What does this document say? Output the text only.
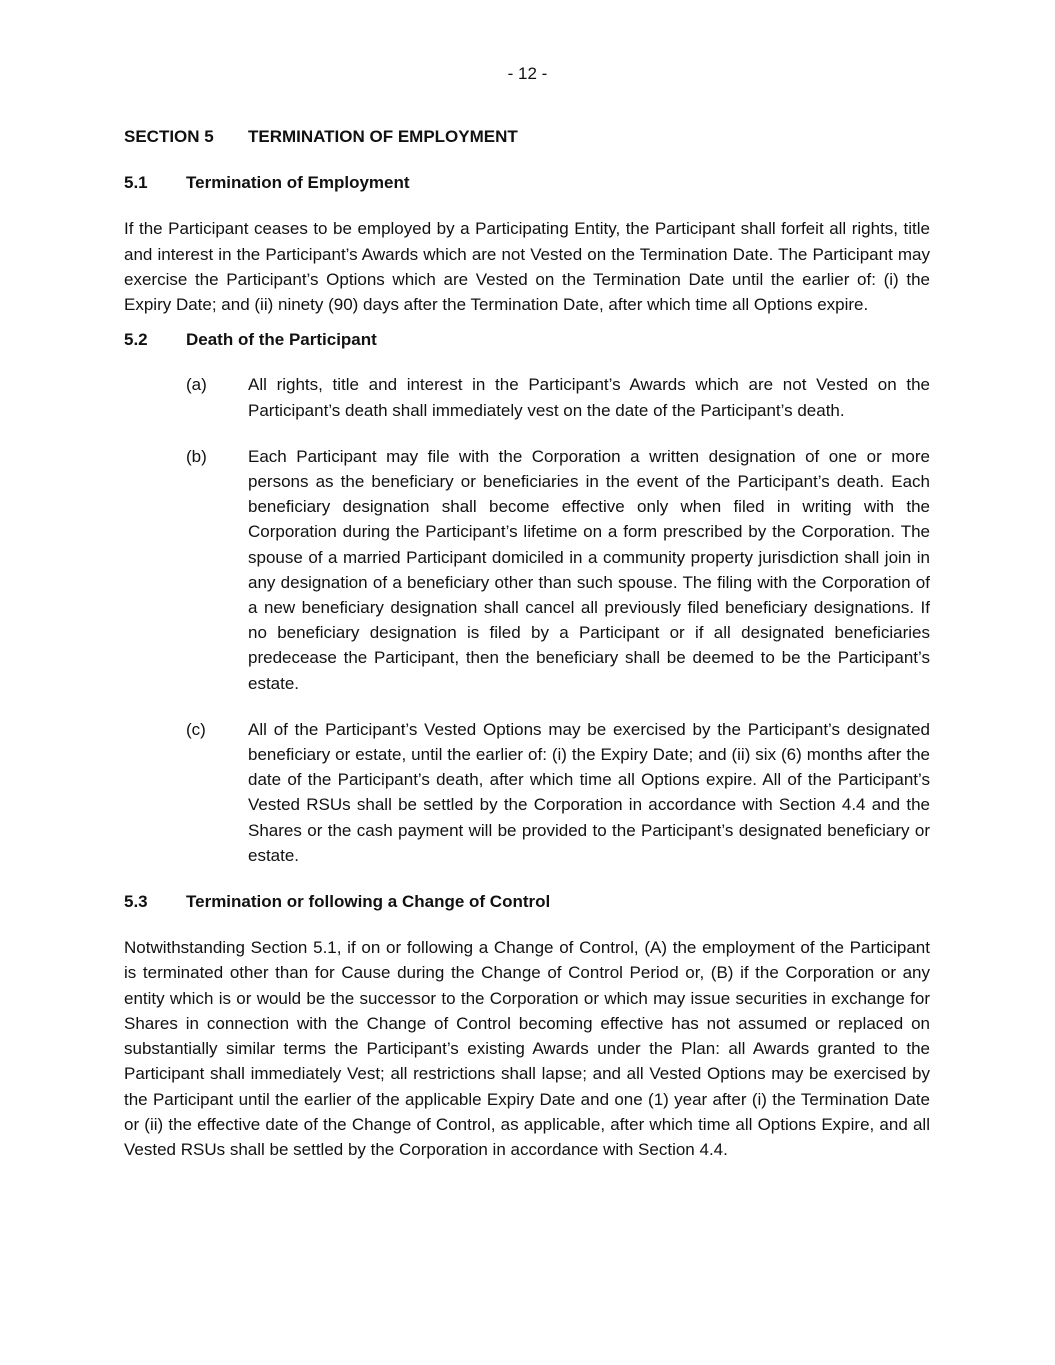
- 12 -
SECTION 5	TERMINATION OF EMPLOYMENT
5.1	Termination of Employment

If the Participant ceases to be employed by a Participating Entity, the Participant shall forfeit all rights, title and interest in the Participant’s Awards which are not Vested on the Termination Date. The Participant may exercise the Participant’s Options which are Vested on the Termination Date until the earlier of: (i) the Expiry Date; and (ii) ninety (90) days after the Termination Date, after which time all Options expire.

5.2	Death of the Participant
(a)	All rights, title and interest in the Participant’s Awards which are not Vested on the Participant’s death shall immediately vest on the date of the Participant’s death.
(b)	Each Participant may file with the Corporation a written designation of one or more persons as the beneficiary or beneficiaries in the event of the Participant’s death. Each beneficiary designation shall become effective only when filed in writing with the Corporation during the Participant’s lifetime on a form prescribed by the Corporation. The spouse of a married Participant domiciled in a community property jurisdiction shall join in any designation of a beneficiary other than such spouse. The filing with the Corporation of a new beneficiary designation shall cancel all previously filed beneficiary designations. If no beneficiary designation is filed by a Participant or if all designated beneficiaries predecease the Participant, then the beneficiary shall be deemed to be the Participant’s estate.
(c)	All of the Participant’s Vested Options may be exercised by the Participant’s designated beneficiary or estate, until the earlier of: (i) the Expiry Date; and (ii) six (6) months after the date of the Participant’s death, after which time all Options expire. All of the Participant’s Vested RSUs shall be settled by the Corporation in accordance with Section 4.4 and the Shares or the cash payment will be provided to the Participant’s designated beneficiary or estate.
5.3	Termination or following a Change of Control

Notwithstanding Section 5.1, if on or following a Change of Control, (A) the employment of the Participant is terminated other than for Cause during the Change of Control Period or, (B) if the Corporation or any entity which is or would be the successor to the Corporation or which may issue securities in exchange for Shares in connection with the Change of Control becoming effective has not assumed or replaced on substantially similar terms the Participant’s existing Awards under the Plan: all Awards granted to the Participant shall immediately Vest; all restrictions shall lapse; and all Vested Options may be exercised by the Participant until the earlier of the applicable Expiry Date and one (1) year after (i) the Termination Date or (ii) the effective date of the Change of Control, as applicable, after which time all Options Expire, and all Vested RSUs shall be settled by the Corporation in accordance with Section 4.4.
